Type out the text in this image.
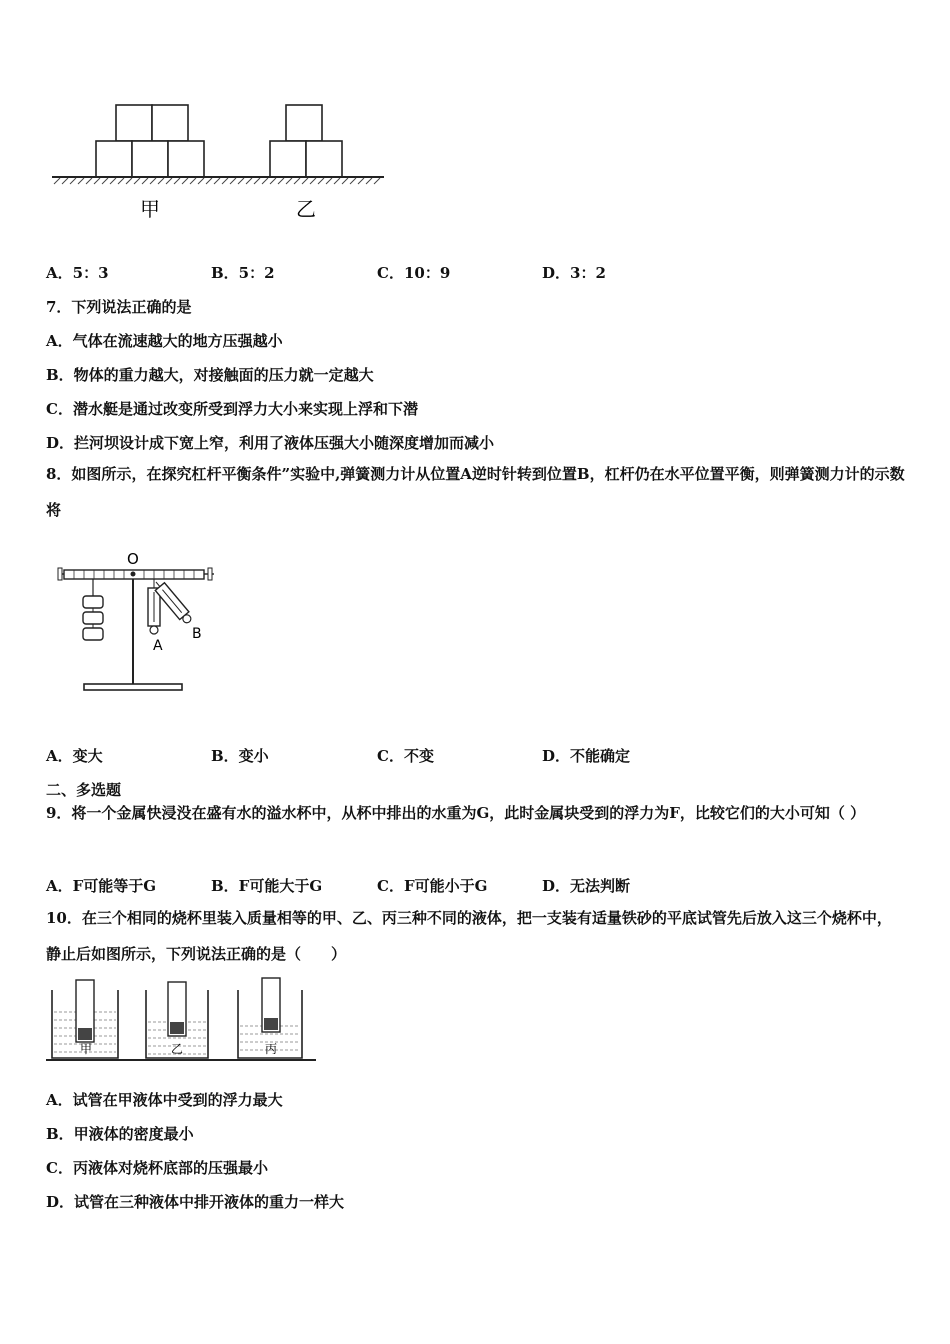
甲	乙
A．5：3	B．5：2	C．10：9	D．3：2
7．下列说法正确的是
A．气体在流速越大的地方压强越小
B．物体的重力越大，对接触面的压力就一定越大
C．潜水艇是通过改变所受到浮力大小来实现上浮和下潜
D．拦河坝设计成下宽上窄，利用了液体压强大小随深度增加而减小
8．如图所示，在探究杠杆平衡条件”实验中,弹簧测力计从位置A逆时针转到位置B，杠杆仍在水平位置平衡，则弹簧测力计的示数将
O
A
B
A．变大	B．变小	C．不变	D．不能确定
二、多选题
9．将一个金属快浸没在盛有水的溢水杯中，从杯中排出的水重为G，此时金属块受到的浮力为F，比较它们的大小可知（ ）
A．F可能等于G	B．F可能大于G	C．F可能小于G	D．无法判断
10．在三个相同的烧杯里装入质量相等的甲、乙、丙三种不同的液体，把一支装有适量铁砂的平底试管先后放入这三个烧杯中，静止后如图所示，下列说法正确的是（　　）
甲	乙	丙
A．试管在甲液体中受到的浮力最大
B．甲液体的密度最小
C．丙液体对烧杯底部的压强最小
D．试管在三种液体中排开液体的重力一样大
